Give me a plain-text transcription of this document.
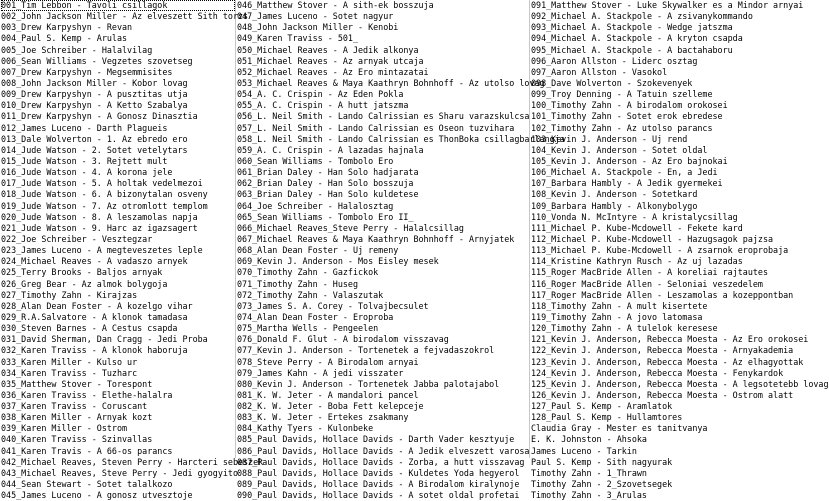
001_Tim Lebbon - Tavoli csillagok
002_John Jackson Miller - Az elveszett Sith torzs
003_Drew Karpyshyn - Revan
004_Paul S. Kemp - Arulas
005_Joe Schreiber - Halalvilag
006_Sean Williams - Vegzetes szovetseg
007_Drew Karpyshyn - Megsemmisites
008_John Jackson Miller - Kobor lovag
009_Drew Karpyshyn - A pusztitas utja
010_Drew Karpyshyn - A Ketto Szabalya
011_Drew Karpyshyn - A Gonosz Dinasztia
012_James Luceno - Darth Plagueis
013_Dale Wolverton - 1. Az ebredo ero
014_Jude Watson - 2. Sotet vetelytars
015_Jude Watson - 3. Rejtett mult
016_Jude Watson - 4. A korona jele
017_Jude Watson - 5. A holtak vedelmezoi
018_Jude Watson - 6. A bizonytalan osveny
019_Jude Watson - 7. Az otromlott templom
020_Jude Watson - 8. A leszamolas napja
021_Jude Watson - 9. Harc az igazsagert
022_Joe Schreiber - Vesztegzar
023_James Luceno - A megteveszetes leple
024_Michael Reaves - A vadaszo arnyek
025_Terry Brooks - Baljos arnyak
026_Greg Bear - Az almok bolygoja
027_Timothy Zahn - Kirajzas
028_Alan Dean Foster - A kozelgo vihar
029_R.A.Salvatore - A klonok tamadasa
030_Steven Barnes - A Cestus csapda
031_David Sherman, Dan Cragg - Jedi Proba
032_Karen Traviss - A klonok haboruja
033_Karen Miller - Kulso ur
034_Karen Traviss - Tuzharc
035_Matthew Stover - Torespont
036_Karen Traviss - Elethe-halalra
037_Karen Traviss - Coruscant
038_Karen Miller - Arnyak kozt
039_Karen Miller - Ostrom
040_Karen Traviss - Szinvallas
041_Karen Travis - A 66-os parancs
042_Michael Reaves, Steven Perry - Harcteri sebeszek
043_Michael Reaves, Steve Perry - Jedi gyogyito
044_Sean Stewart - Sotet talalkozo
045_James Luceno - A gonosz utvesztoje
046_Matthew Stover - A sith-ek bosszuja
047_James Luceno - Sotet nagyur
048_John Jackson Miller - Kenobi
049_Karen Traviss - 501_
050_Michael Reaves - A Jedik alkonya
051_Michael Reaves - Az arnyak utcaja
052_Michael Reaves - Az Ero mintazatai
053_Michael Reaves & Maya Kaathryn Bohnhoff - Az utolso lovag
054_A. C. Crispin - Az Eden Pokla
055_A. C. Crispin - A hutt jatszma
056_L. Neil Smith - Lando Calrissian es Sharu varazskulcsa
057_L. Neil Smith - Lando Calrissian es Oseon tuzvihara
058_L. Neil Smith - Lando Calrissian es ThonBoka csillagbarlangja
059_A. C. Crispin - A lazadas hajnala
060_Sean Williams - Tombolo Ero
061_Brian Daley - Han Solo hadjarata
062_Brian Daley - Han Solo bosszuja
063_Brian Daley - Han Solo kuldetese
064_Joe Schreiber - Halalosztag
065_Sean Williams - Tombolo Ero II_
066_Michael Reaves_Steve Perry - Halalcsillag
067_Michael Reaves & Maya Kaathryn Bohnhoff - Arnyjatek
068_Alan Dean Foster - Uj remeny
069_Kevin J. Anderson - Mos Eisley mesek
070_Timothy Zahn - Gazfickok
071_Timothy Zahn - Huseg
072_Timothy Zahn - Valaszutak
073_James S. A. Corey - Tolvajbecsulet
074_Alan Dean Foster - Eroproba
075_Martha Wells - Pengeelen
076_Donald F. Glut - A birodalom visszavag
077_Kevin J. Anderson - Tortenetek a fejvadaszokrol
078_Steve Perry - A Birodalom arnyai
079_James Kahn - A jedi visszater
080_Kevin J. Anderson - Tortenetek Jabba palotajabol
081_K. W. Jeter - A mandalori pancel
082_K. W. Jeter - Boba Fett kelepceje
083_K. W. Jeter - Ertekes zsakmany
084_Kathy Tyers - Kulonbeke
085_Paul Davids, Hollace Davids - Darth Vader kesztyuje
086_Paul Davids, Hollace Davids - A Jedik elveszett varosa
087_Paul Davids, Hollace Davids - Zorba, a hutt visszavag
088_Paul Davids, Hollace Davids - Kuldetes Yoda hegyerol
089_Paul Davids, Hollace Davids - A Birodalom kiralynoje
090_Paul Davids, Hollace Davids - A sotet oldal profetai
091_Matthew Stover - Luke Skywalker es a Mindor arnyai
092_Michael A. Stackpole - A zsivanykommando
093_Michael A. Stackpole - Wedge jatszma
094_Michael A. Stackpole - A kryton csapda
095_Michael A. Stackpole - A bactahaboru
096_Aaron Allston - Liderc osztag
097_Aaron Allston - Vasokol
098_Dave Wolverton - Szokevenyek
099_Troy Denning - A Tatuin szelleme
100_Timothy Zahn - A birodalom orokosei
101_Timothy Zahn - Sotet erok ebredese
102_Timothy Zahn - Az utolso parancs
103_Kevin J. Anderson - Uj rend
104_Kevin J. Anderson - Sotet oldal
105_Kevin J. Anderson - Az Ero bajnokai
106_Michael A. Stackpole - En, a Jedi
107_Barbara Hambly - A Jedik gyermekei
108_Kevin J. Anderson - Sotetkard
109_Barbara Hambly - Alkonybolygo
110_Vonda N. McIntyre - A kristalycsillag
111_Michael P. Kube-Mcdowell - Fekete kard
112_Michael P. Kube-Mcdowell - Hazugsagok pajzsa
113_Michael P. Kube-Mcdowell - A zsarnok eroprobaja
114_Kristine Kathryn Rusch - Az uj lazadas
115_Roger MacBride Allen - A koreliai rajtautes
116_Roger MacBride Allen - Seloniai veszedelem
117_Roger MacBride Allen - Leszamolas a kozeppontban
118_Timothy Zahn - A mult kisertete
119_Timothy Zahn - A jovo latomasa
120_Timothy Zahn - A tulelok keresese
121_Kevin J. Anderson, Rebecca Moesta - Az Ero orokosei
122_Kevin J. Anderson, Rebecca Moesta - Arnyakademia
123_Kevin J. Anderson, Rebecca Moesta - Az elhagyottak
124_Kevin J. Anderson, Rebecca Moesta - Fenykardok
125_Kevin J. Anderson, Rebecca Moesta - A legsotetebb lovag
126_Kevin J. Anderson, Rebecca Moesta - Ostrom alatt
127_Paul S. Kemp - Aramlatok
128_Paul S. Kemp - Hullamtores
Claudia Gray - Mester es tanitvanya
E. K. Johnston - Ahsoka
James Luceno - Tarkin
Paul S. Kemp - Sith nagyurak
Timothy Zahn - 1_Thrawn
Timothy Zahn - 2_Szovetsegek
Timothy Zahn - 3_Arulas
